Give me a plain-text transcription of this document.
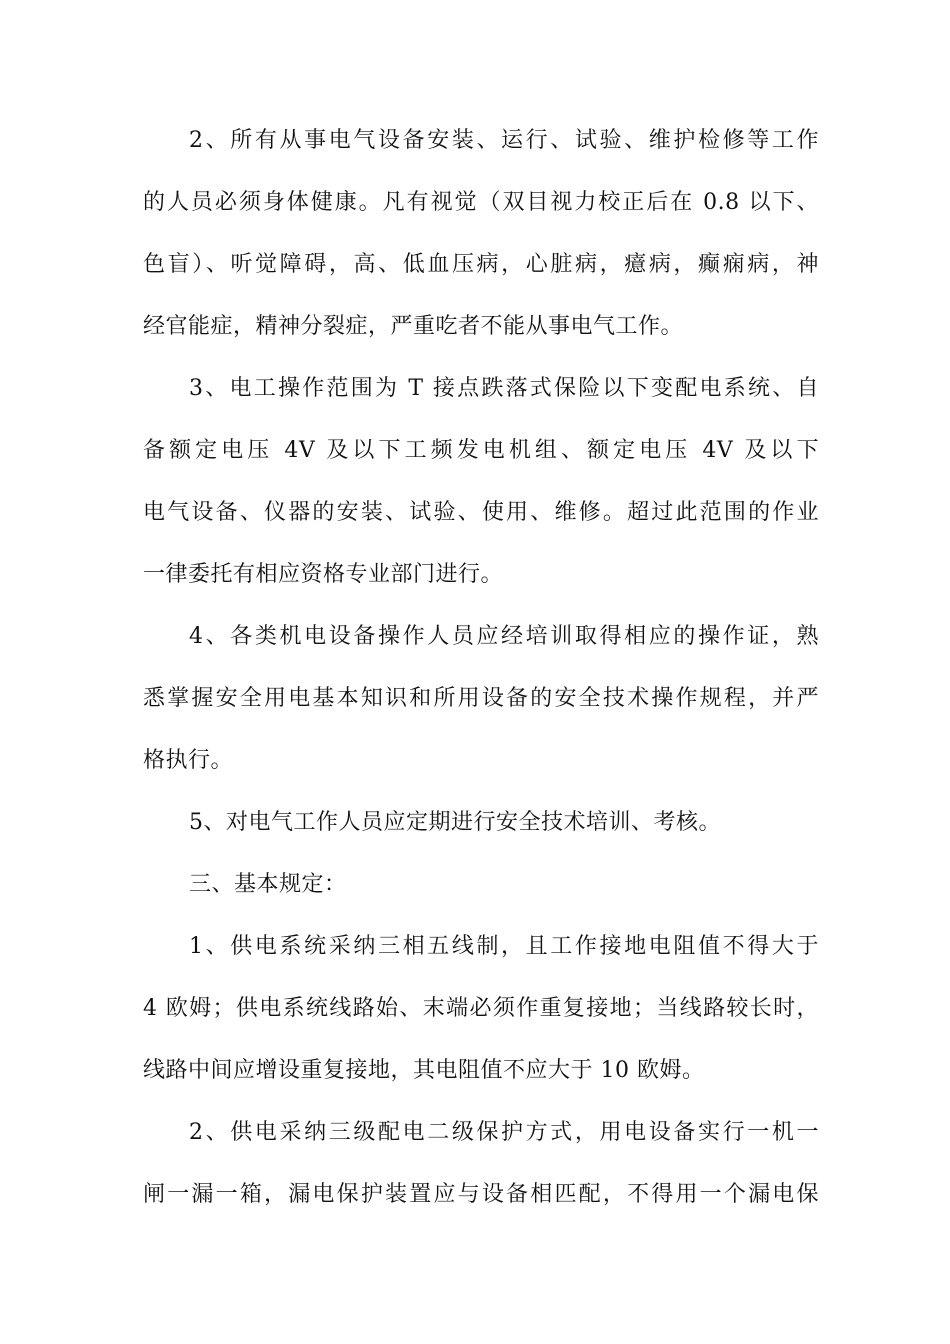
2、所有从事电气设备安装、运行、试验、维护检修等工作
的人员必须身体健康。凡有视觉（双目视力校正后在 0.8 以下、
色盲）、听觉障碍，高、低血压病，心脏病，癔病，癫痫病，神
经官能症，精神分裂症，严重吃者不能从事电气工作。
3、电工操作范围为 T 接点跌落式保险以下变配电系统、自
备额定电压 4V 及以下工频发电机组、额定电压 4V 及以下
电气设备、仪器的安装、试验、使用、维修。超过此范围的作业
一律委托有相应资格专业部门进行。
4、各类机电设备操作人员应经培训取得相应的操作证，熟
悉掌握安全用电基本知识和所用设备的安全技术操作规程，并严
格执行。
5、对电气工作人员应定期进行安全技术培训、考核。
三、基本规定：
1、供电系统采纳三相五线制，且工作接地电阻值不得大于
4 欧姆；供电系统线路始、末端必须作重复接地；当线路较长时，
线路中间应增设重复接地，其电阻值不应大于 10 欧姆。
2、供电采纳三级配电二级保护方式，用电设备实行一机一
闸一漏一箱，漏电保护装置应与设备相匹配，不得用一个漏电保
